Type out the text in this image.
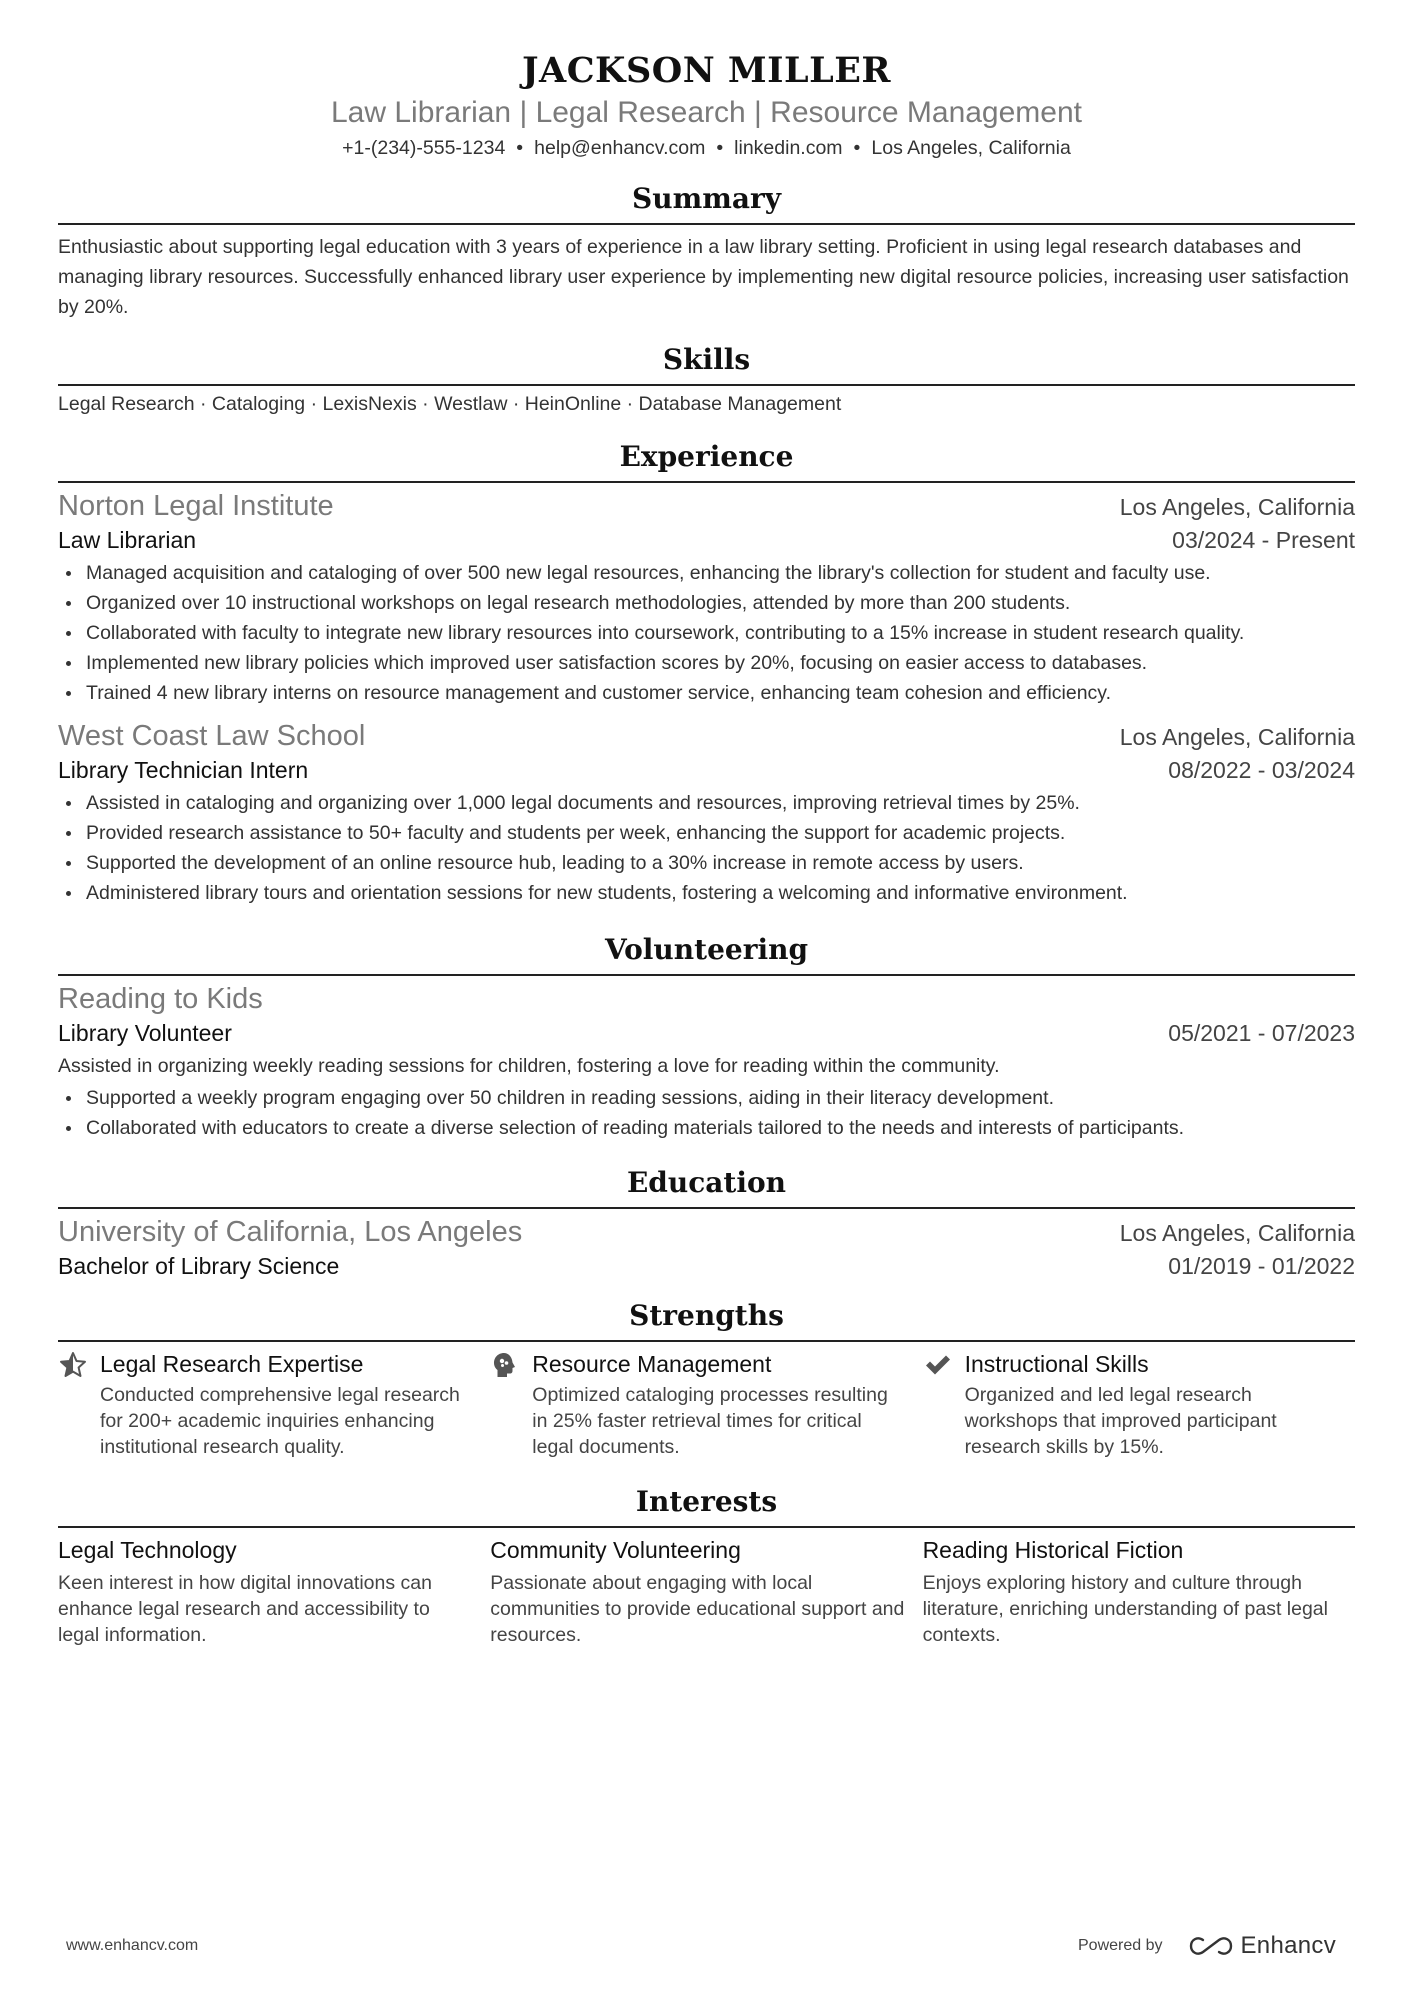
JACKSON MILLER
Law Librarian | Legal Research | Resource Management
+1-(234)-555-1234 • help@enhancv.com • linkedin.com • Los Angeles, California
Summary
Enthusiastic about supporting legal education with 3 years of experience in a law library setting. Proficient in using legal research databases and managing library resources. Successfully enhanced library user experience by implementing new digital resource policies, increasing user satisfaction by 20%.
Skills
Legal Research · Cataloging · LexisNexis · Westlaw · HeinOnline · Database Management
Experience
Norton Legal Institute	Los Angeles, California
Law Librarian	03/2024 - Present
Managed acquisition and cataloging of over 500 new legal resources, enhancing the library's collection for student and faculty use.
Organized over 10 instructional workshops on legal research methodologies, attended by more than 200 students.
Collaborated with faculty to integrate new library resources into coursework, contributing to a 15% increase in student research quality.
Implemented new library policies which improved user satisfaction scores by 20%, focusing on easier access to databases.
Trained 4 new library interns on resource management and customer service, enhancing team cohesion and efficiency.
West Coast Law School	Los Angeles, California
Library Technician Intern	08/2022 - 03/2024
Assisted in cataloging and organizing over 1,000 legal documents and resources, improving retrieval times by 25%.
Provided research assistance to 50+ faculty and students per week, enhancing the support for academic projects.
Supported the development of an online resource hub, leading to a 30% increase in remote access by users.
Administered library tours and orientation sessions for new students, fostering a welcoming and informative environment.
Volunteering
Reading to Kids
Library Volunteer	05/2021 - 07/2023
Assisted in organizing weekly reading sessions for children, fostering a love for reading within the community.
Supported a weekly program engaging over 50 children in reading sessions, aiding in their literacy development.
Collaborated with educators to create a diverse selection of reading materials tailored to the needs and interests of participants.
Education
University of California, Los Angeles	Los Angeles, California
Bachelor of Library Science	01/2019 - 01/2022
Strengths
Legal Research Expertise
Conducted comprehensive legal research for 200+ academic inquiries enhancing institutional research quality.
Resource Management
Optimized cataloging processes resulting in 25% faster retrieval times for critical legal documents.
Instructional Skills
Organized and led legal research workshops that improved participant research skills by 15%.
Interests
Legal Technology
Keen interest in how digital innovations can enhance legal research and accessibility to legal information.
Community Volunteering
Passionate about engaging with local communities to provide educational support and resources.
Reading Historical Fiction
Enjoys exploring history and culture through literature, enriching understanding of past legal contexts.
www.enhancv.com	Powered by	Enhancv
